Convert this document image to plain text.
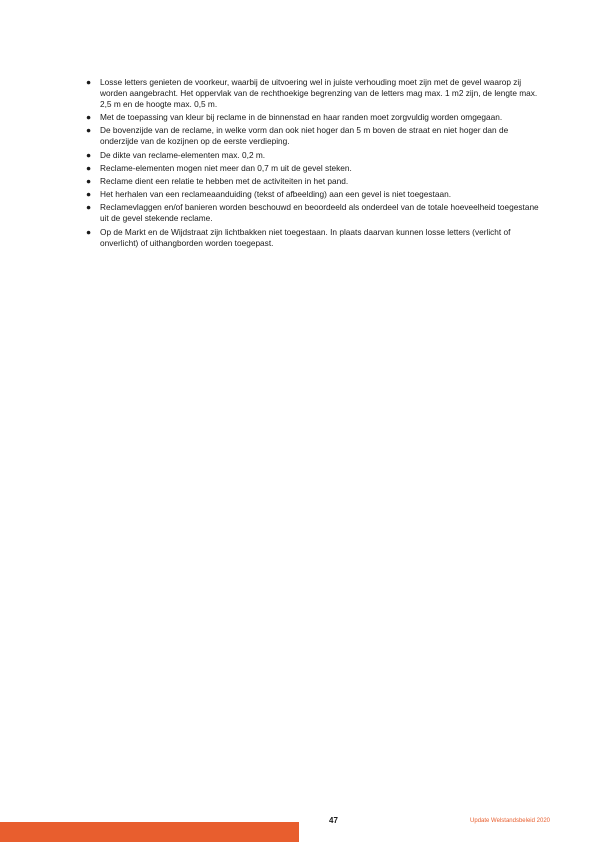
● Losse letters genieten de voorkeur, waarbij de uitvoering wel in juiste verhouding moet zijn met de gevel waarop zij worden aangebracht. Het oppervlak van de rechthoekige begrenzing van de letters mag max. 1 m2 zijn, de lengte max. 2,5 m en de hoogte max. 0,5 m.
● Met de toepassing van kleur bij reclame in de binnenstad en haar randen moet zorgvuldig worden omgegaan.
● De bovenzijde van de reclame, in welke vorm dan ook niet hoger dan 5 m boven de straat en niet hoger dan de onderzijde van de kozijnen op de eerste verdieping.
● De dikte van reclame-elementen max. 0,2 m.
● Reclame-elementen mogen niet meer dan 0,7 m uit de gevel steken.
● Reclame dient een relatie te hebben met de activiteiten in het pand.
● Het herhalen van een reclameaanduiding (tekst of afbeelding) aan een gevel is niet toegestaan.
● Reclamevlaggen en/of banieren worden beschouwd en beoordeeld als onderdeel van de totale hoeveelheid toegestane uit de gevel stekende reclame.
● Op de Markt en de Wijdstraat zijn lichtbakken niet toegestaan. In plaats daarvan kunnen losse letters (verlicht of onverlicht) of uithangborden worden toegepast.
47	Update Welstandsbeleid 2020
